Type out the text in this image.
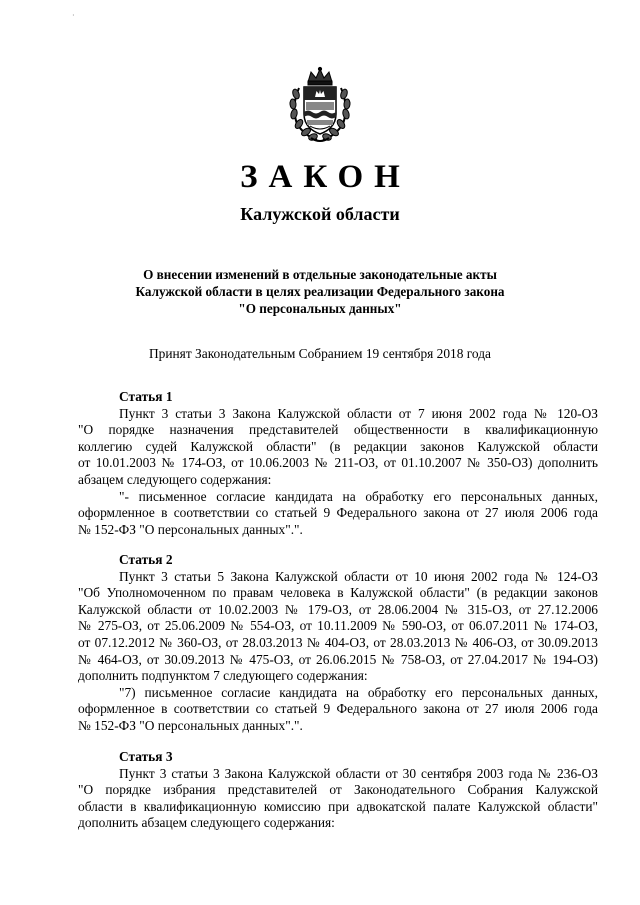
·
ЗАКОН
Калужской области
О внесении изменений в отдельные законодательные акты
Калужской области в целях реализации Федерального закона
"О персональных данных"
Принят Законодательным Собранием 19 сентября 2018 года
Статья 1
Пункт 3 статьи 3 Закона Калужской области от 7 июня 2002 года № 120-ОЗ
"О порядке назначения представителей общественности в квалификационную
коллегию судей Калужской области" (в редакции законов Калужской области
от 10.01.2003 № 174-ОЗ, от 10.06.2003 № 211-ОЗ, от 01.10.2007 № 350-ОЗ) дополнить
абзацем следующего содержания:
"- письменное согласие кандидата на обработку его персональных данных,
оформленное в соответствии со статьей 9 Федерального закона от 27 июля 2006 года
№ 152-ФЗ "О персональных данных".".
Статья 2
Пункт 3 статьи 5 Закона Калужской области от 10 июня 2002 года № 124-ОЗ
"Об Уполномоченном по правам человека в Калужской области" (в редакции законов
Калужской области от 10.02.2003 № 179-ОЗ, от 28.06.2004 № 315-ОЗ, от 27.12.2006
№ 275-ОЗ, от 25.06.2009 № 554-ОЗ, от 10.11.2009 № 590-ОЗ, от 06.07.2011 № 174-ОЗ,
от 07.12.2012 № 360-ОЗ, от 28.03.2013 № 404-ОЗ, от 28.03.2013 № 406-ОЗ, от 30.09.2013
№ 464-ОЗ, от 30.09.2013 № 475-ОЗ, от 26.06.2015 № 758-ОЗ, от 27.04.2017 № 194-ОЗ)
дополнить подпунктом 7 следующего содержания:
"7) письменное согласие кандидата на обработку его персональных данных,
оформленное в соответствии со статьей 9 Федерального закона от 27 июля 2006 года
№ 152-ФЗ "О персональных данных".".
Статья 3
Пункт 3 статьи 3 Закона Калужской области от 30 сентября 2003 года № 236-ОЗ
"О порядке избрания представителей от Законодательного Собрания Калужской
области в квалификационную комиссию при адвокатской палате Калужской области"
дополнить абзацем следующего содержания:
